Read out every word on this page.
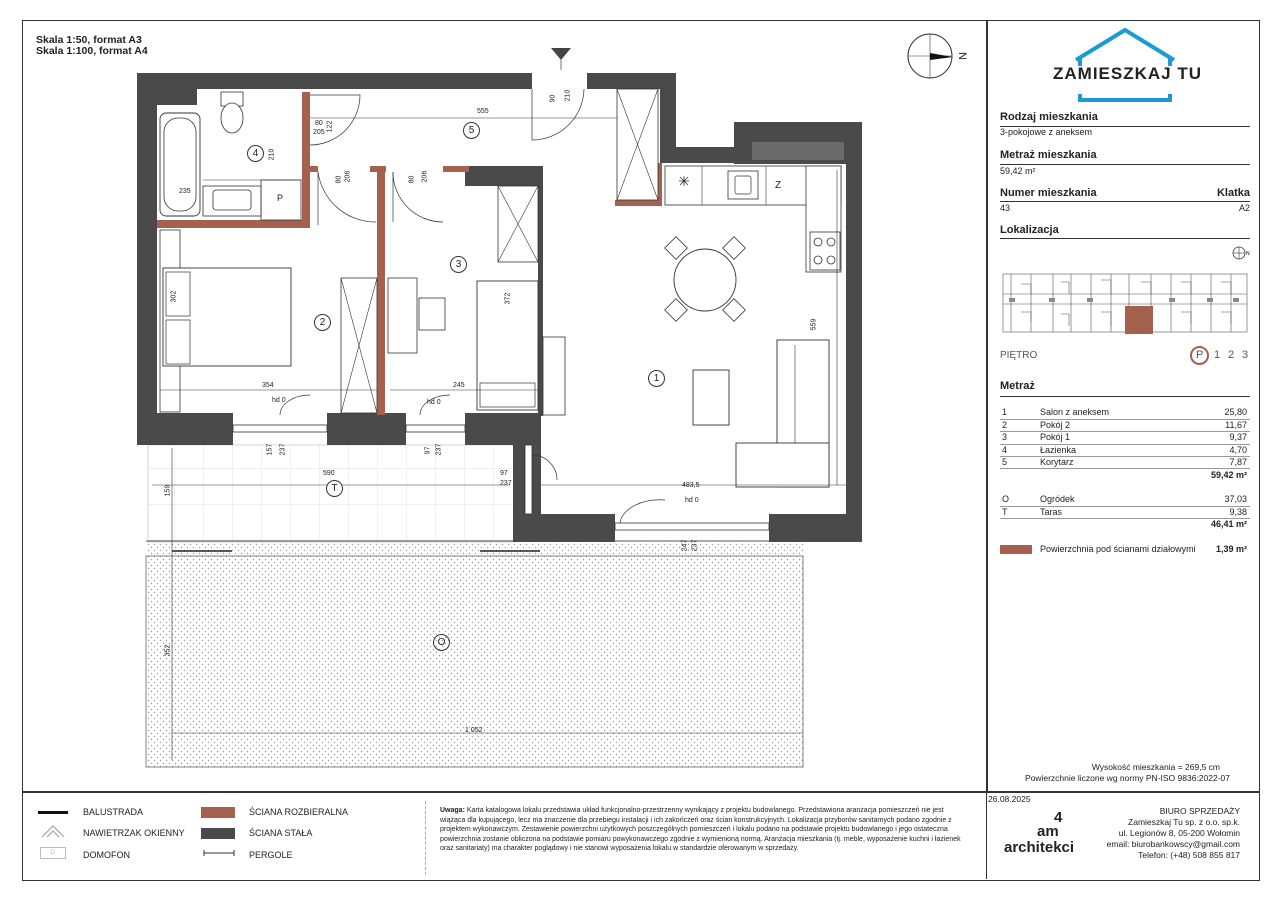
Skala 1:50, format A3
Skala 1:100, format A4	N
1
2
3
4
5
T
O
Z
P
555
210
90
80
205
122
210
235
80 206	80 206
302	372
559
354	245
157 237	97 237
590	97
237	483,5
159
247 237
352
1 052
hd 0	hd 0
hd 0
Wysokość mieszkania = 269,5 cm
Powierzchnie liczone wg normy PN-ISO 9836:2022-07
ZAMIESZKAJ TU
Rodzaj mieszkania
3-pokojowe z aneksem
Metraż mieszkania
59,42 m²
Numer mieszkania	Klatka
43	A2
Lokalizacja
N
PIĘTRO	P 1 2 3
Metraż
1	Salon z aneksem	25,80
2	Pokój 2	11,67
3	Pokój 1	9,37
4	Łazienka	4,70
5	Korytarz	7,87
59,42 m²
O	Ogródek	37,03
T	Taras	9,38
46,41 m²
Powierzchnia pod ścianami działowymi	1,39 m²
BALUSTRADA
NAWIETRZAK OKIENNY
D	DOMOFON
ŚCIANA ROZBIERALNA
ŚCIANA STAŁA
PERGOLE
Uwaga: Karta katalogowa lokalu przedstawia układ funkcjonalno-przestrzenny wynikający z projektu budowlanego. Przedstawiona aranżacja pomieszczeń nie jest wiążąca dla kupującego, lecz ma znaczenie dla przebiegu instalacji i ich zakończeń oraz ścian konstrukcyjnych. Lokalizacja przyborów sanitarnych podano zgodnie z projektem wykonawczym. Zestawienie powierzchni użytkowych poszczególnych pomieszczeń i lokalu podano na podstawie projektu budowlanego i jego ostateczna powierzchnia zostanie obliczona na podstawie pomiaru powykonawczego zgodnie z wymienioną normą. Aranżacja mieszkania (tj. meble, wyposażenie kuchni i łazienek oraz sanitariaty) ma charakter poglądowy i nie stanowi wyposażenia lokalu w standardzie oferowanym w sprzedaży.
26.08.2025
4
am
architekci
BIURO SPRZEDAŻY
Zamieszkaj Tu sp. z o.o. sp.k.
ul. Legionów 8, 05-200 Wołomin
email: biurobankowscy@gmail.com
Telefon: (+48) 508 855 817
